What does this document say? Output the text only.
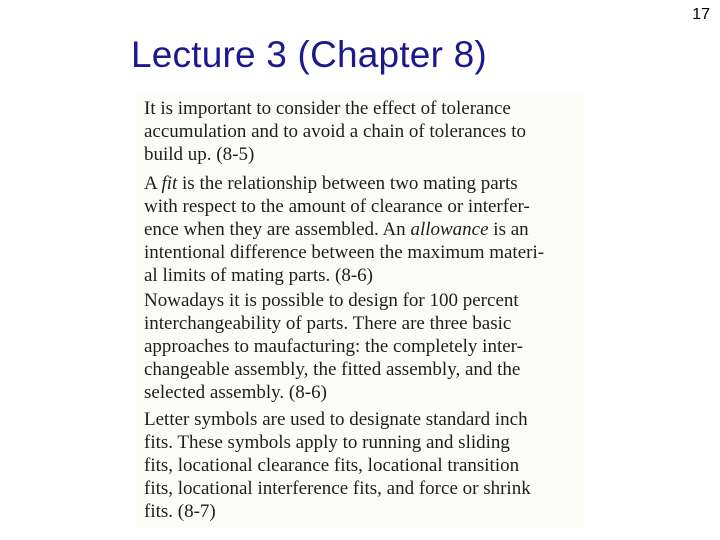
17
Lecture 3 (Chapter 8)

It is important to consider the effect of tolerance
accumulation and to avoid a chain of tolerances to
build up. (8-5)

A fit is the relationship between two mating parts
with respect to the amount of clearance or interfer-
ence when they are assembled. An allowance is an
intentional difference between the maximum materi-
al limits of mating parts. (8-6)

Nowadays it is possible to design for 100 percent
interchangeability of parts. There are three basic
approaches to maufacturing: the completely inter-
changeable assembly, the fitted assembly, and the
selected assembly. (8-6)

Letter symbols are used to designate standard inch
fits. These symbols apply to running and sliding
fits, locational clearance fits, locational transition
fits, locational interference fits, and force or shrink
fits. (8-7)
